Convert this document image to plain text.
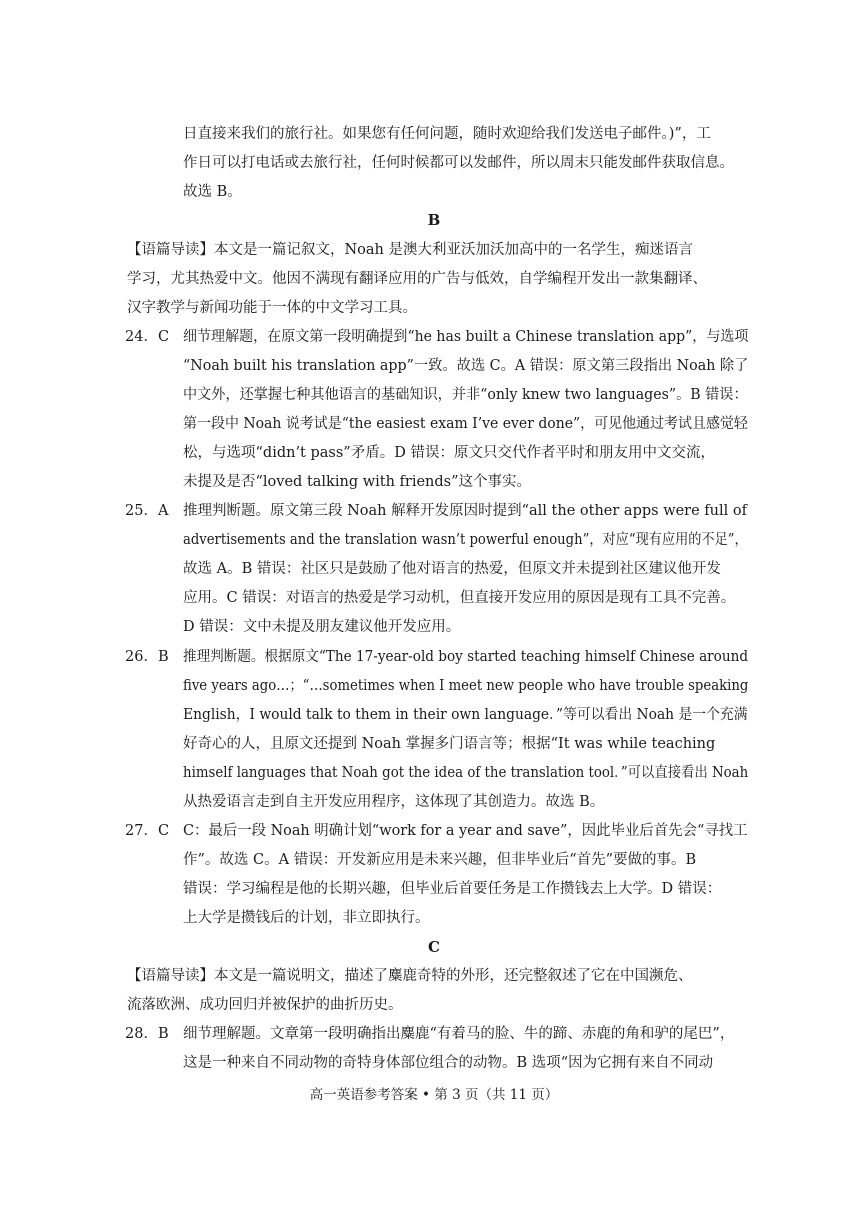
日直接来我们的旅行社。如果您有任何问题，随时欢迎给我们发送电子邮件。)”，工
作日可以打电话或去旅行社，任何时候都可以发邮件，所以周末只能发邮件获取信息。
故选 B。
B
【语篇导读】本文是一篇记叙文，Noah 是澳大利亚沃加沃加高中的一名学生，痴迷语言
学习，尤其热爱中文。他因不满现有翻译应用的广告与低效，自学编程开发出一款集翻译、
汉字教学与新闻功能于一体的中文学习工具。
24．C 细节理解题，在原文第一段明确提到“he has built a Chinese translation app”，与选项
“Noah built his translation app”一致。故选 C。A 错误：原文第三段指出 Noah 除了
中文外，还掌握七种其他语言的基础知识，并非“only knew two languages”。B 错误：
第一段中 Noah 说考试是“the easiest exam I’ve ever done”，可见他通过考试且感觉轻
松，与选项“didn’t pass”矛盾。D 错误：原文只交代作者平时和朋友用中文交流，
未提及是否“loved talking with friends”这个事实。
25．A 推理判断题。原文第三段 Noah 解释开发原因时提到“all the other apps were full of
advertisements and the translation wasn’t powerful enough”，对应“现有应用的不足”，
故选 A。B 错误：社区只是鼓励了他对语言的热爱，但原文并未提到社区建议他开发
应用。C 错误：对语言的热爱是学习动机，但直接开发应用的原因是现有工具不完善。
D 错误：文中未提及朋友建议他开发应用。
26．B 推理判断题。根据原文“The 17-year-old boy started teaching himself Chinese around
five years ago…；“…sometimes when I meet new people who have trouble speaking
English，I would talk to them in their own language．”等可以看出 Noah 是一个充满
好奇心的人，且原文还提到 Noah 掌握多门语言等；根据“It was while teaching
himself languages that Noah got the idea of the translation tool．”可以直接看出 Noah
从热爱语言走到自主开发应用程序，这体现了其创造力。故选 B。
27．C C：最后一段 Noah 明确计划“work for a year and save”，因此毕业后首先会“寻找工
作”。故选 C。A 错误：开发新应用是未来兴趣，但非毕业后“首先”要做的事。B
错误：学习编程是他的长期兴趣，但毕业后首要任务是工作攒钱去上大学。D 错误：
上大学是攒钱后的计划，非立即执行。
C
【语篇导读】本文是一篇说明文，描述了麋鹿奇特的外形，还完整叙述了它在中国濒危、
流落欧洲、成功回归并被保护的曲折历史。
28．B 细节理解题。文章第一段明确指出麋鹿“有着马的脸、牛的蹄、赤鹿的角和驴的尾巴”，
这是一种来自不同动物的奇特身体部位组合的动物。B 选项“因为它拥有来自不同动
高一英语参考答案 • 第 3 页（共 11 页）
